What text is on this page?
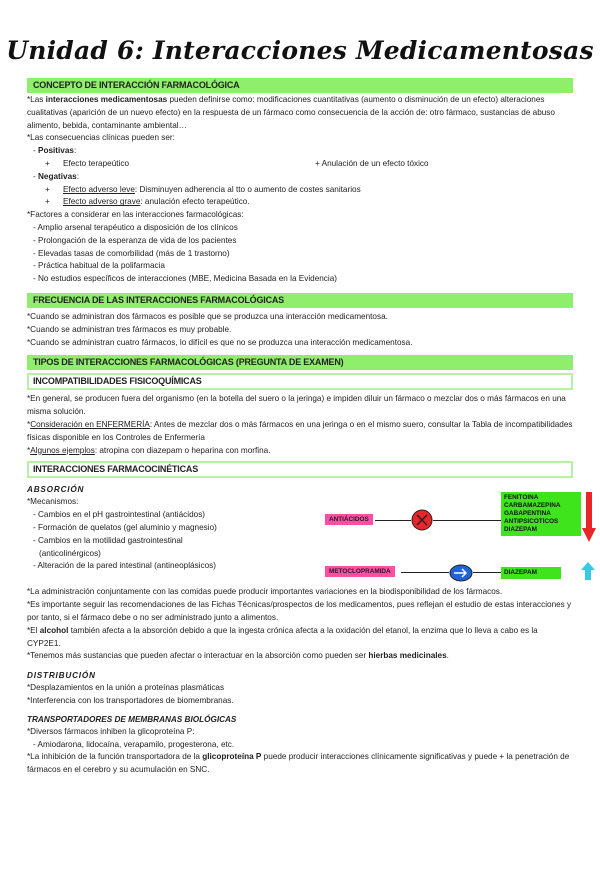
Unidad 6: Interacciones Medicamentosas
CONCEPTO DE INTERACCIÓN FARMACOLÓGICA

*Las interacciones medicamentosas pueden definirse como: modificaciones cuantitativas (aumento o disminución de un efecto) alteraciones cualitativas (aparición de un nuevo efecto) en la respuesta de un fármaco como consecuencia de la acción de: otro fármaco, sustancias de abuso alimento, bebida, contaminante ambiental…

*Las consecuencias clínicas pueden ser:

- Positivas:

+ Efecto terapeútico	+ Anulación de un efecto tóxico

- Negativas:

+ Efecto adverso leve: Disminuyen adherencia al tto o aumento de costes sanitarios
+ Efecto adverso grave: anulación efecto terapeútico.

*Factores a considerar en las interacciones farmacológicas:

- Amplio arsenal terapéutico a disposición de los clínicos

- Prolongación de la esperanza de vida de los pacientes

- Elevadas tasas de comorbilidad (más de 1 trastorno)

- Práctica habitual de la polifarmacia

- No estudios específicos de interacciones (MBE, Medicina Basada en la Evidencia)

FRECUENCIA DE LAS INTERACCIONES FARMACOLÓGICAS

*Cuando se administran dos fármacos es posible que se produzca una interacción medicamentosa.

*Cuando se administran tres fármacos es muy probable.

*Cuando se administran cuatro fármacos, lo difícil es que no se produzca una interacción medicamentosa.

TIPOS DE INTERACCIONES FARMACOLÓGICAS (PREGUNTA DE EXAMEN)
INCOMPATIBILIDADES FISICOQUÍMICAS

*En general, se producen fuera del organismo (en la botella del suero o la jeringa) e impiden diluir un fármaco o mezclar dos o más fármacos en una misma solución.

*Consideración en ENFERMERÍA: Antes de mezclar dos o más fármacos en una jeringa o en el mismo suero, consultar la Tabla de incompatibilidades físicas disponible en los Controles de Enfermería

*Algunos ejemplos: atropina con diazepam o heparina con morfina.

INTERACCIONES FARMACOCINÉTICAS
ABSORCIÓN

*Mecanismos:

- Cambios en el pH gastrointestinal (antiácidos)

- Formación de quelatos (gel aluminio y magnesio)

- Cambios en la motilidad gastrointestinal

(anticolinérgicos)

- Alteración de la pared intestinal (antineoplásicos)

ANTIÁCIDOS
FENITOINA
CARBAMAZEPINA
GABAPENTINA
ANTIPSICOTICOS
DIAZEPAM
METOCLOPRAMIDA	DIAZEPAM

*La administración conjuntamente con las comidas puede producir importantes variaciones en la biodisponibilidad de los fármacos.

*Es importante seguir las recomendaciones de las Fichas Técnicas/prospectos de los medicamentos, pues reflejan el estudio de estas interacciones y por tanto, si el fármaco debe o no ser administrado junto a alimentos.

*El alcohol también afecta a la absorción debido a que la ingesta crónica afecta a la oxidación del etanol, la enzima que lo lleva a cabo es la CYP2E1.

*Tenemos más sustancias que pueden afectar o interactuar en la absorción como pueden ser hierbas medicinales.

DISTRIBUCIÓN

*Desplazamientos en la unión a proteínas plasmáticas

*Interferencia con los transportadores de biomembranas.

TRANSPORTADORES DE MEMBRANAS BIOLÓGICAS

*Diversos fármacos inhiben la glicoproteína P:

- Amiodarona, lidocaína, verapamilo, progesterona, etc.

*La inhibición de la función transportadora de la glicoproteína P puede producir interacciones clínicamente significativas y puede + la penetración de fármacos en el cerebro y su acumulación en SNC.
